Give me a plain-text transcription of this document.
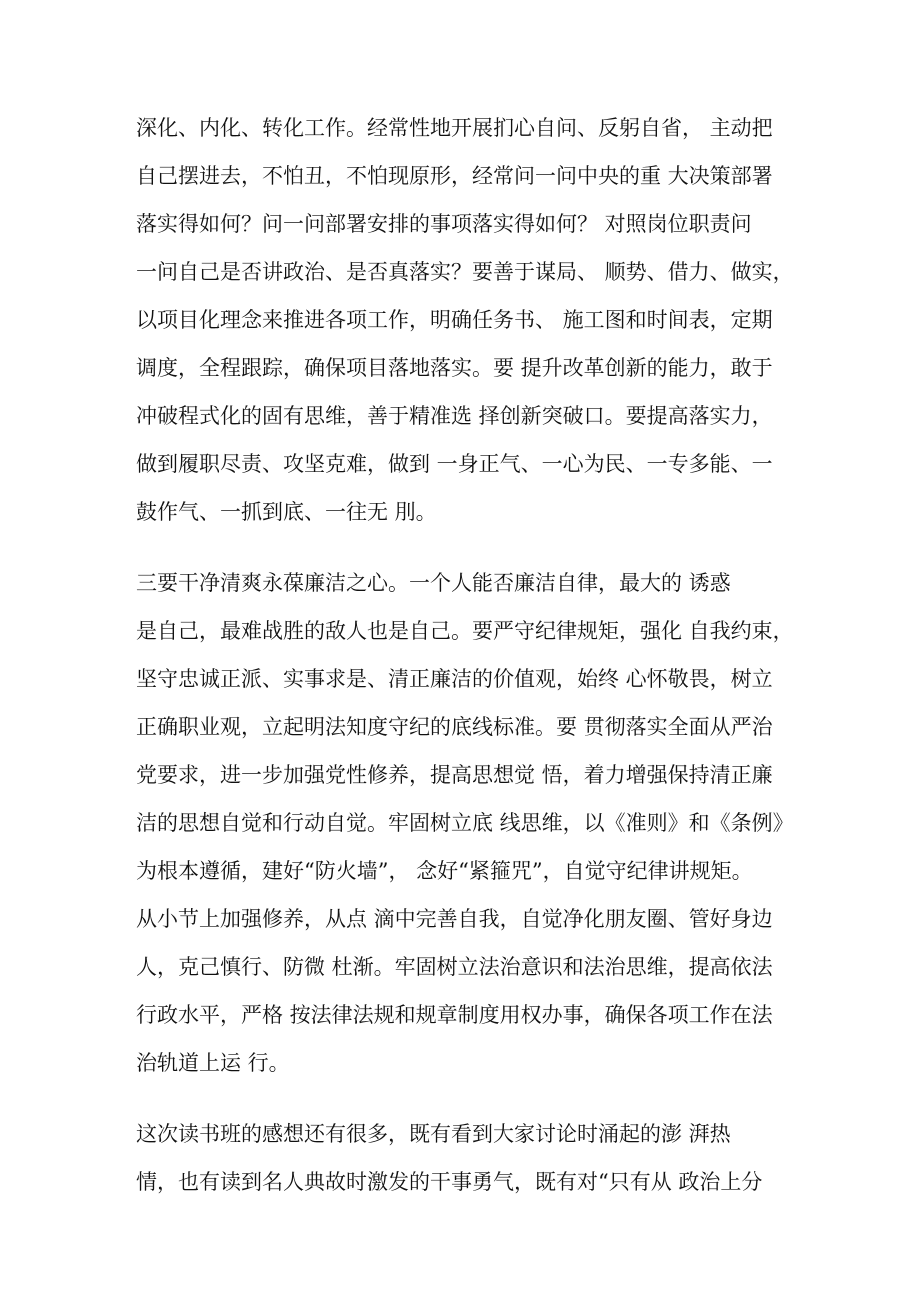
深化、内化、转化工作。经常性地开展扪心自问、反躬自省， 主动把
自己摆进去，不怕丑，不怕现原形，经常问一问中央的重 大决策部署
落实得如何？问一问部署安排的事项落实得如何？ 对照岗位职责问
一问自己是否讲政治、是否真落实？要善于谋局、 顺势、借力、做实，
以项目化理念来推进各项工作，明确任务书、 施工图和时间表，定期
调度，全程跟踪，确保项目落地落实。要 提升改革创新的能力，敢于
冲破程式化的固有思维，善于精准选 择创新突破口。要提高落实力，
做到履职尽责、攻坚克难，做到 一身正气、一心为民、一专多能、一
鼓作气、一抓到底、一往无 刖。
三要干净清爽永葆廉洁之心。一个人能否廉洁自律，最大的 诱惑
是自己，最难战胜的敌人也是自己。要严守纪律规矩，强化 自我约束，
坚守忠诚正派、实事求是、清正廉洁的价值观，始终 心怀敬畏，树立
正确职业观，立起明法知度守纪的底线标准。要 贯彻落实全面从严治
党要求，进一步加强党性修养，提高思想觉 悟，着力增强保持清正廉
洁的思想自觉和行动自觉。牢固树立底 线思维，以《准则》和《条例》
为根本遵循，建好“防火墙”， 念好“紧箍咒”，自觉守纪律讲规矩。
从小节上加强修养，从点 滴中完善自我，自觉净化朋友圈、管好身边
人，克己慎行、防微 杜渐。牢固树立法治意识和法治思维，提高依法
行政水平，严格 按法律法规和规章制度用权办事，确保各项工作在法
治轨道上运 行。
这次读书班的感想还有很多，既有看到大家讨论时涌起的澎 湃热
情，也有读到名人典故时激发的干事勇气，既有对“只有从 政治上分
